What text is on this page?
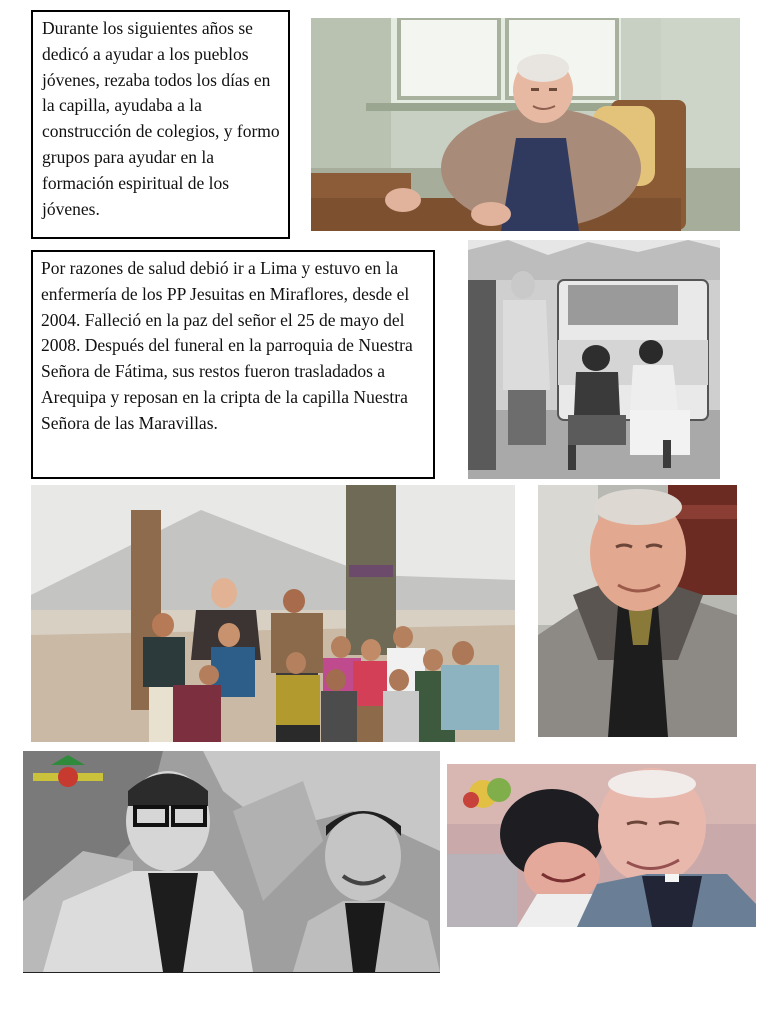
Durante los siguientes años se dedicó a ayudar a los pueblos jóvenes, rezaba todos los días en la capilla, ayudaba a la construcción de colegios, y formo grupos para ayudar en la formación espiritual de los jóvenes.
Por razones de salud debió ir a Lima y estuvo en la enfermería de los PP Jesuitas en Miraflores, desde el 2004. Falleció en la paz del señor el 25 de mayo del 2008. Después del funeral en la parroquia de Nuestra Señora de Fátima, sus restos fueron trasladados a Arequipa y reposan en la cripta de la capilla Nuestra Señora de las Maravillas.
